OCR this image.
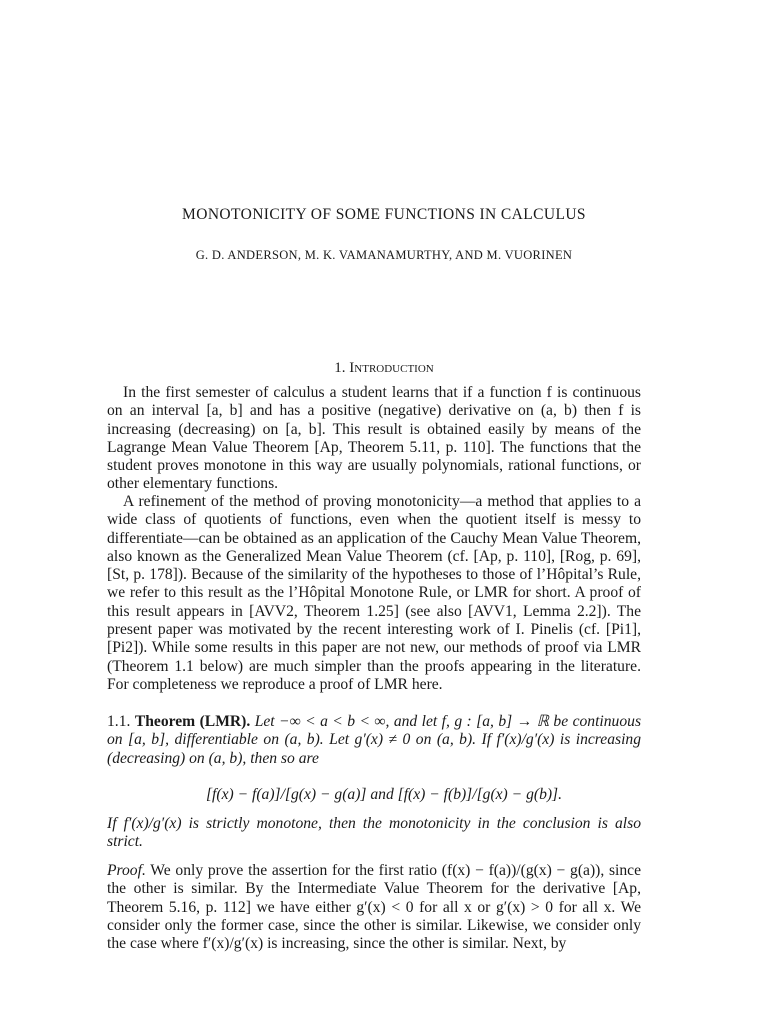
MONOTONICITY OF SOME FUNCTIONS IN CALCULUS
G. D. ANDERSON, M. K. VAMANAMURTHY, AND M. VUORINEN
1. Introduction
In the first semester of calculus a student learns that if a function f is continuous on an interval [a, b] and has a positive (negative) derivative on (a, b) then f is increasing (decreasing) on [a, b]. This result is obtained easily by means of the Lagrange Mean Value Theorem [Ap, Theorem 5.11, p. 110]. The functions that the student proves monotone in this way are usually polynomials, rational functions, or other elementary functions.
A refinement of the method of proving monotonicity—a method that applies to a wide class of quotients of functions, even when the quotient itself is messy to differentiate—can be obtained as an application of the Cauchy Mean Value Theorem, also known as the Generalized Mean Value Theorem (cf. [Ap, p. 110], [Rog, p. 69], [St, p. 178]). Because of the similarity of the hypotheses to those of l’Hôpital’s Rule, we refer to this result as the l’Hôpital Monotone Rule, or LMR for short. A proof of this result appears in [AVV2, Theorem 1.25] (see also [AVV1, Lemma 2.2]). The present paper was motivated by the recent interesting work of I. Pinelis (cf. [Pi1], [Pi2]). While some results in this paper are not new, our methods of proof via LMR (Theorem 1.1 below) are much simpler than the proofs appearing in the literature. For completeness we reproduce a proof of LMR here.
1.1. Theorem (LMR). Let −∞ < a < b < ∞, and let f, g : [a, b] → ℝ be continuous on [a, b], differentiable on (a, b). Let g′(x) ≠ 0 on (a, b). If f′(x)/g′(x) is increasing (decreasing) on (a, b), then so are
[f(x) − f(a)]/[g(x) − g(a)] and [f(x) − f(b)]/[g(x) − g(b)].
If f′(x)/g′(x) is strictly monotone, then the monotonicity in the conclusion is also strict.
Proof. We only prove the assertion for the first ratio (f(x) − f(a))/(g(x) − g(a)), since the other is similar. By the Intermediate Value Theorem for the derivative [Ap, Theorem 5.16, p. 112] we have either g′(x) < 0 for all x or g′(x) > 0 for all x. We consider only the former case, since the other is similar. Likewise, we consider only the case where f′(x)/g′(x) is increasing, since the other is similar. Next, by
